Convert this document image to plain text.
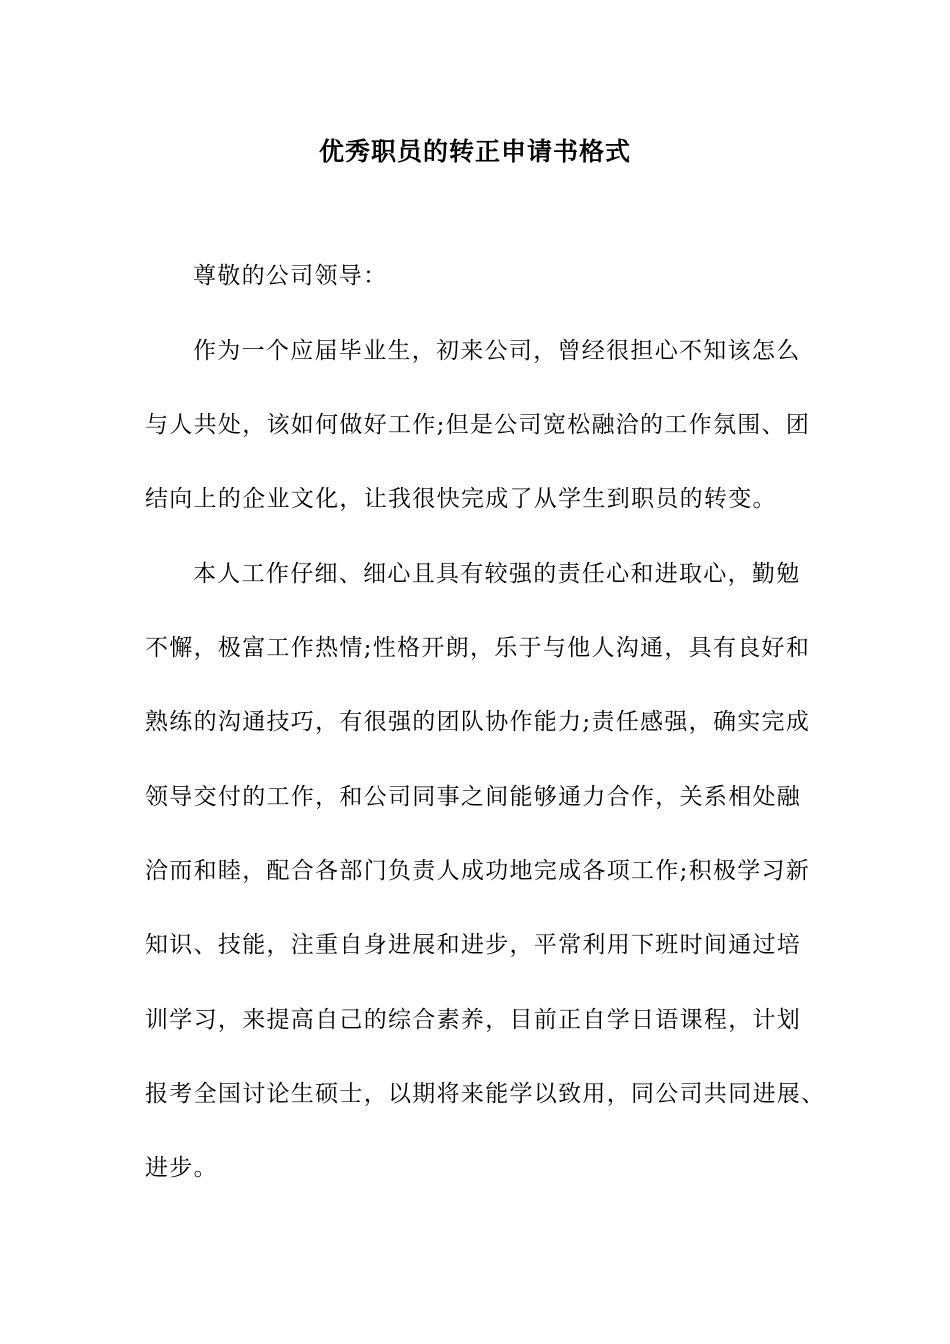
优秀职员的转正申请书格式
尊敬的公司领导：
作为一个应届毕业生，初来公司，曾经很担心不知该怎么
与人共处，该如何做好工作;但是公司宽松融洽的工作氛围、团
结向上的企业文化，让我很快完成了从学生到职员的转变。
本人工作仔细、细心且具有较强的责任心和进取心，勤勉
不懈，极富工作热情;性格开朗，乐于与他人沟通，具有良好和
熟练的沟通技巧，有很强的团队协作能力;责任感强，确实完成
领导交付的工作，和公司同事之间能够通力合作，关系相处融
洽而和睦，配合各部门负责人成功地完成各项工作;积极学习新
知识、技能，注重自身进展和进步，平常利用下班时间通过培
训学习，来提高自己的综合素养，目前正自学日语课程，计划
报考全国讨论生硕士，以期将来能学以致用，同公司共同进展、
进步。
